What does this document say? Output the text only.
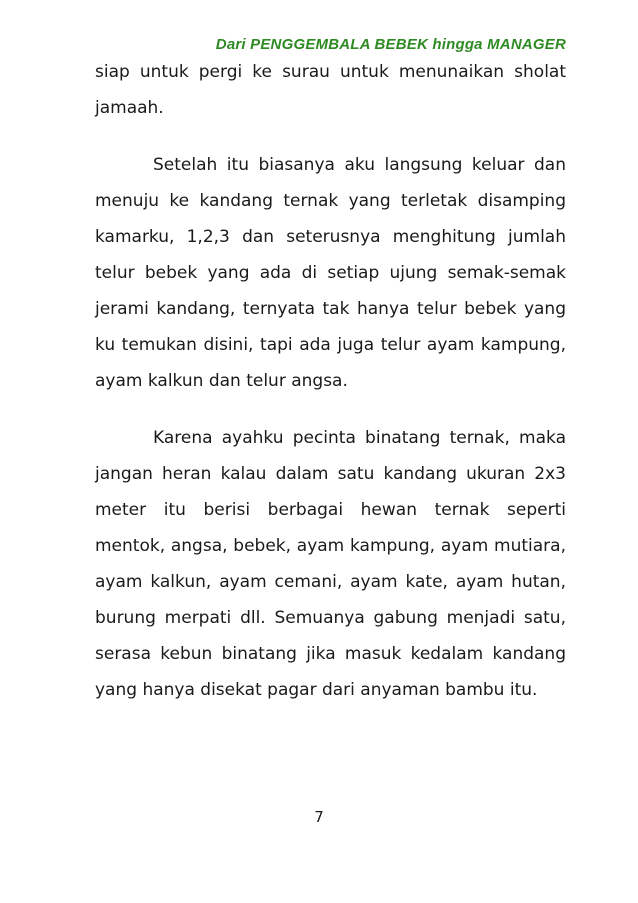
Dari PENGGEMBALA BEBEK hingga MANAGER

siap untuk pergi ke surau untuk menunaikan sholat jamaah.

Setelah itu biasanya aku langsung keluar dan menuju ke kandang ternak yang terletak disamping kamarku, 1,2,3 dan seterusnya menghitung jumlah telur bebek yang ada di setiap ujung semak-semak jerami kandang, ternyata tak hanya telur bebek yang ku temukan disini, tapi ada juga telur ayam kampung, ayam kalkun dan telur angsa.

Karena ayahku pecinta binatang ternak, maka jangan heran kalau dalam satu kandang ukuran 2x3 meter itu berisi berbagai hewan ternak seperti mentok, angsa, bebek, ayam kampung, ayam mutiara, ayam kalkun, ayam cemani, ayam kate, ayam hutan, burung merpati dll. Semuanya gabung menjadi satu, serasa kebun binatang jika masuk kedalam kandang yang hanya disekat pagar dari anyaman bambu itu.

7
